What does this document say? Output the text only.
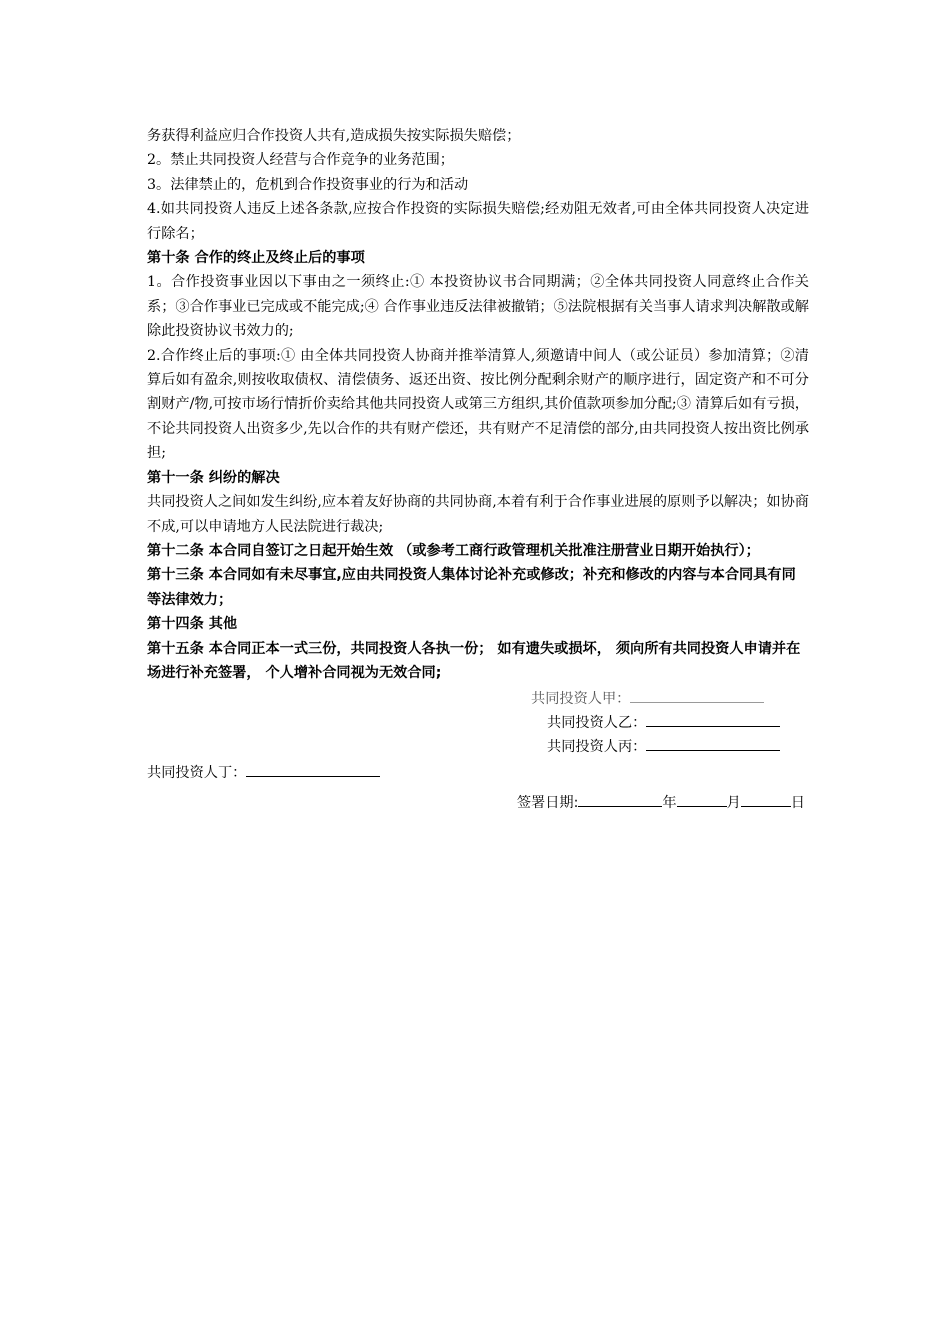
务获得利益应归合作投资人共有,造成损失按实际损失赔偿；

2。禁止共同投资人经营与合作竞争的业务范围；

3。法律禁止的，危机到合作投资事业的行为和活动

4.如共同投资人违反上述各条款,应按合作投资的实际损失赔偿;经劝阻无效者,可由全体共同投资人决定进行除名；

第十条 合作的终止及终止后的事项

1。合作投资事业因以下事由之一须终止:① 本投资协议书合同期满；②全体共同投资人同意终止合作关系；③合作事业已完成或不能完成;④ 合作事业违反法律被撤销；⑤法院根据有关当事人请求判决解散或解除此投资协议书效力的;

2.合作终止后的事项:① 由全体共同投资人协商并推举清算人,须邀请中间人（或公证员）参加清算；②清算后如有盈余,则按收取债权、清偿债务、返还出资、按比例分配剩余财产的顺序进行，固定资产和不可分割财产/物,可按市场行情折价卖给其他共同投资人或第三方组织,其价值款项参加分配;③ 清算后如有亏损，不论共同投资人出资多少,先以合作的共有财产偿还，共有财产不足清偿的部分,由共同投资人按出资比例承担;

第十一条 纠纷的解决

共同投资人之间如发生纠纷,应本着友好协商的共同协商,本着有利于合作事业进展的原则予以解决；如协商不成,可以申请地方人民法院进行裁决;

第十二条 本合同自签订之日起开始生效 （或参考工商行政管理机关批准注册营业日期开始执行）；

第十三条 本合同如有未尽事宜,应由共同投资人集体讨论补充或修改；补充和修改的内容与本合同具有同等法律效力；

第十四条 其他

第十五条 本合同正本一式三份，共同投资人各执一份； 如有遗失或损坏， 须向所有共同投资人申请并在场进行补充签署， 个人增补合同视为无效合同;

共同投资人甲：

共同投资人乙：

共同投资人丙：

共同投资人丁：

签署日期:	年	月	日
